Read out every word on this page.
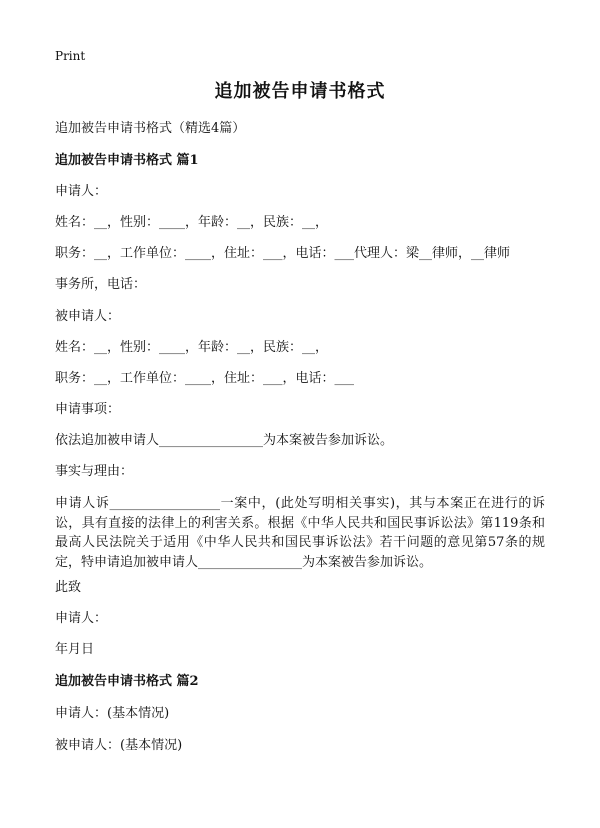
Print
追加被告申请书格式
追加被告申请书格式（精选4篇）
追加被告申请书格式 篇1
申请人：
姓名：__，性别：____，年龄：__，民族：__，
职务：__，工作单位：____，住址：___，电话：___代理人：梁__律师，__律师
事务所，电话：
被申请人：
姓名：__，性别：____，年龄：__，民族：__，
职务：__，工作单位：____，住址：___，电话：___
申请事项：
依法追加被申请人________________为本案被告参加诉讼。
事实与理由：
申请人诉_________________一案中，(此处写明相关事实)，其与本案正在进行的诉讼，具有直接的法律上的利害关系。根据《中华人民共和国民事诉讼法》第119条和最高人民法院关于适用《中华人民共和国民事诉讼法》若干问题的意见第57条的规定，特申请追加被申请人________________为本案被告参加诉讼。
此致
申请人：
年月日
追加被告申请书格式 篇2
申请人：(基本情况)
被申请人：(基本情况)
